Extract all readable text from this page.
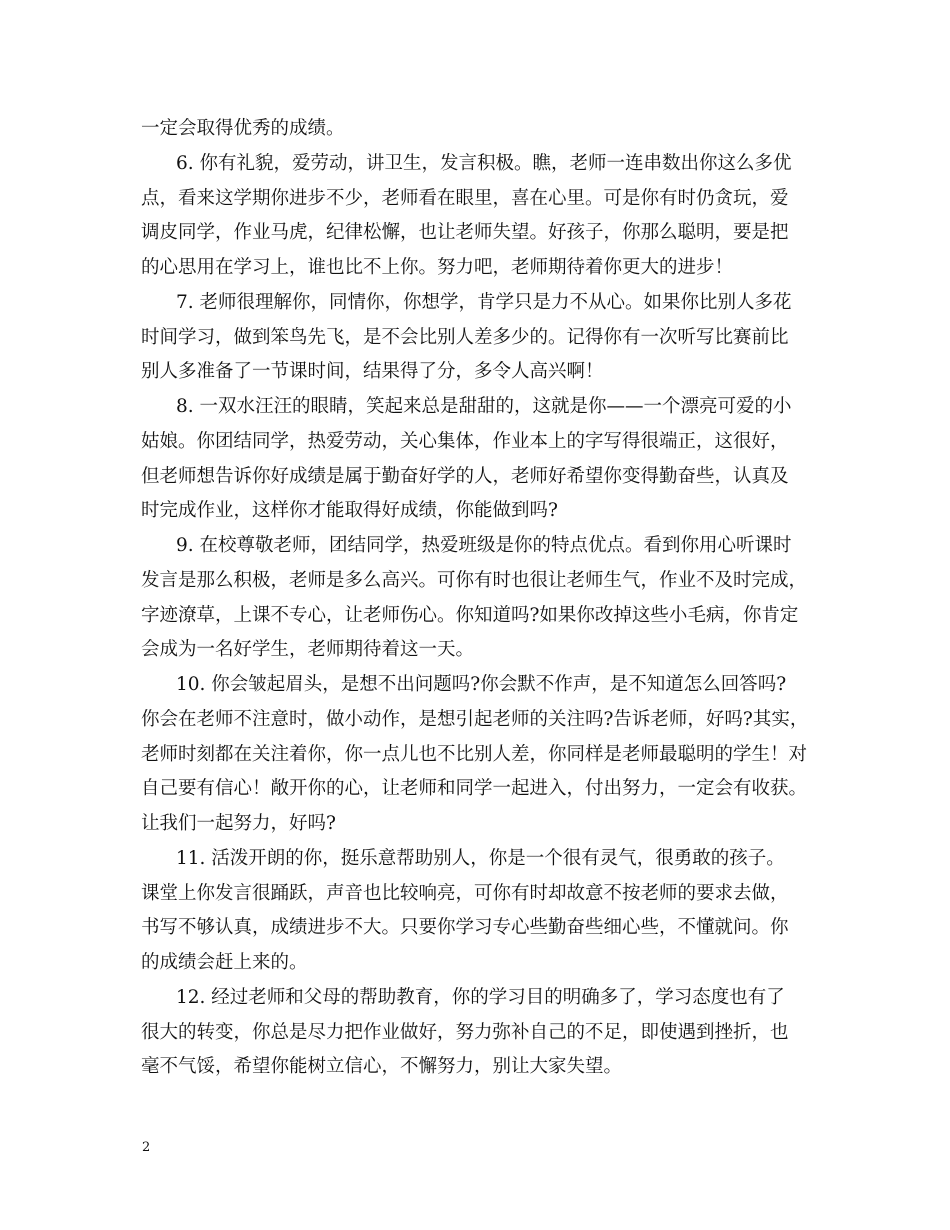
一定会取得优秀的成绩。
6. 你有礼貌，爱劳动，讲卫生，发言积极。瞧，老师一连串数出你这么多优
点，看来这学期你进步不少，老师看在眼里，喜在心里。可是你有时仍贪玩，爱
调皮同学，作业马虎，纪律松懈，也让老师失望。好孩子，你那么聪明，要是把
的心思用在学习上，谁也比不上你。努力吧，老师期待着你更大的进步！
7. 老师很理解你，同情你，你想学，肯学只是力不从心。如果你比别人多花
时间学习，做到笨鸟先飞，是不会比别人差多少的。记得你有一次听写比赛前比
别人多准备了一节课时间，结果得了分，多令人高兴啊！
8. 一双水汪汪的眼睛，笑起来总是甜甜的，这就是你——一个漂亮可爱的小
姑娘。你团结同学，热爱劳动，关心集体，作业本上的字写得很端正，这很好，
但老师想告诉你好成绩是属于勤奋好学的人，老师好希望你变得勤奋些，认真及
时完成作业，这样你才能取得好成绩，你能做到吗?
9. 在校尊敬老师，团结同学，热爱班级是你的特点优点。看到你用心听课时
发言是那么积极，老师是多么高兴。可你有时也很让老师生气，作业不及时完成，
字迹潦草，上课不专心，让老师伤心。你知道吗?如果你改掉这些小毛病，你肯定
会成为一名好学生，老师期待着这一天。
10. 你会皱起眉头，是想不出问题吗?你会默不作声，是不知道怎么回答吗?
你会在老师不注意时，做小动作，是想引起老师的关注吗?告诉老师，好吗?其实，
老师时刻都在关注着你，你一点儿也不比别人差，你同样是老师最聪明的学生！对
自己要有信心！敞开你的心，让老师和同学一起进入，付出努力，一定会有收获。
让我们一起努力，好吗?
11. 活泼开朗的你，挺乐意帮助别人，你是一个很有灵气，很勇敢的孩子。
课堂上你发言很踊跃，声音也比较响亮，可你有时却故意不按老师的要求去做，
书写不够认真，成绩进步不大。只要你学习专心些勤奋些细心些，不懂就问。你
的成绩会赶上来的。
12. 经过老师和父母的帮助教育，你的学习目的明确多了，学习态度也有了
很大的转变，你总是尽力把作业做好，努力弥补自己的不足，即使遇到挫折，也
毫不气馁，希望你能树立信心，不懈努力，别让大家失望。
2
